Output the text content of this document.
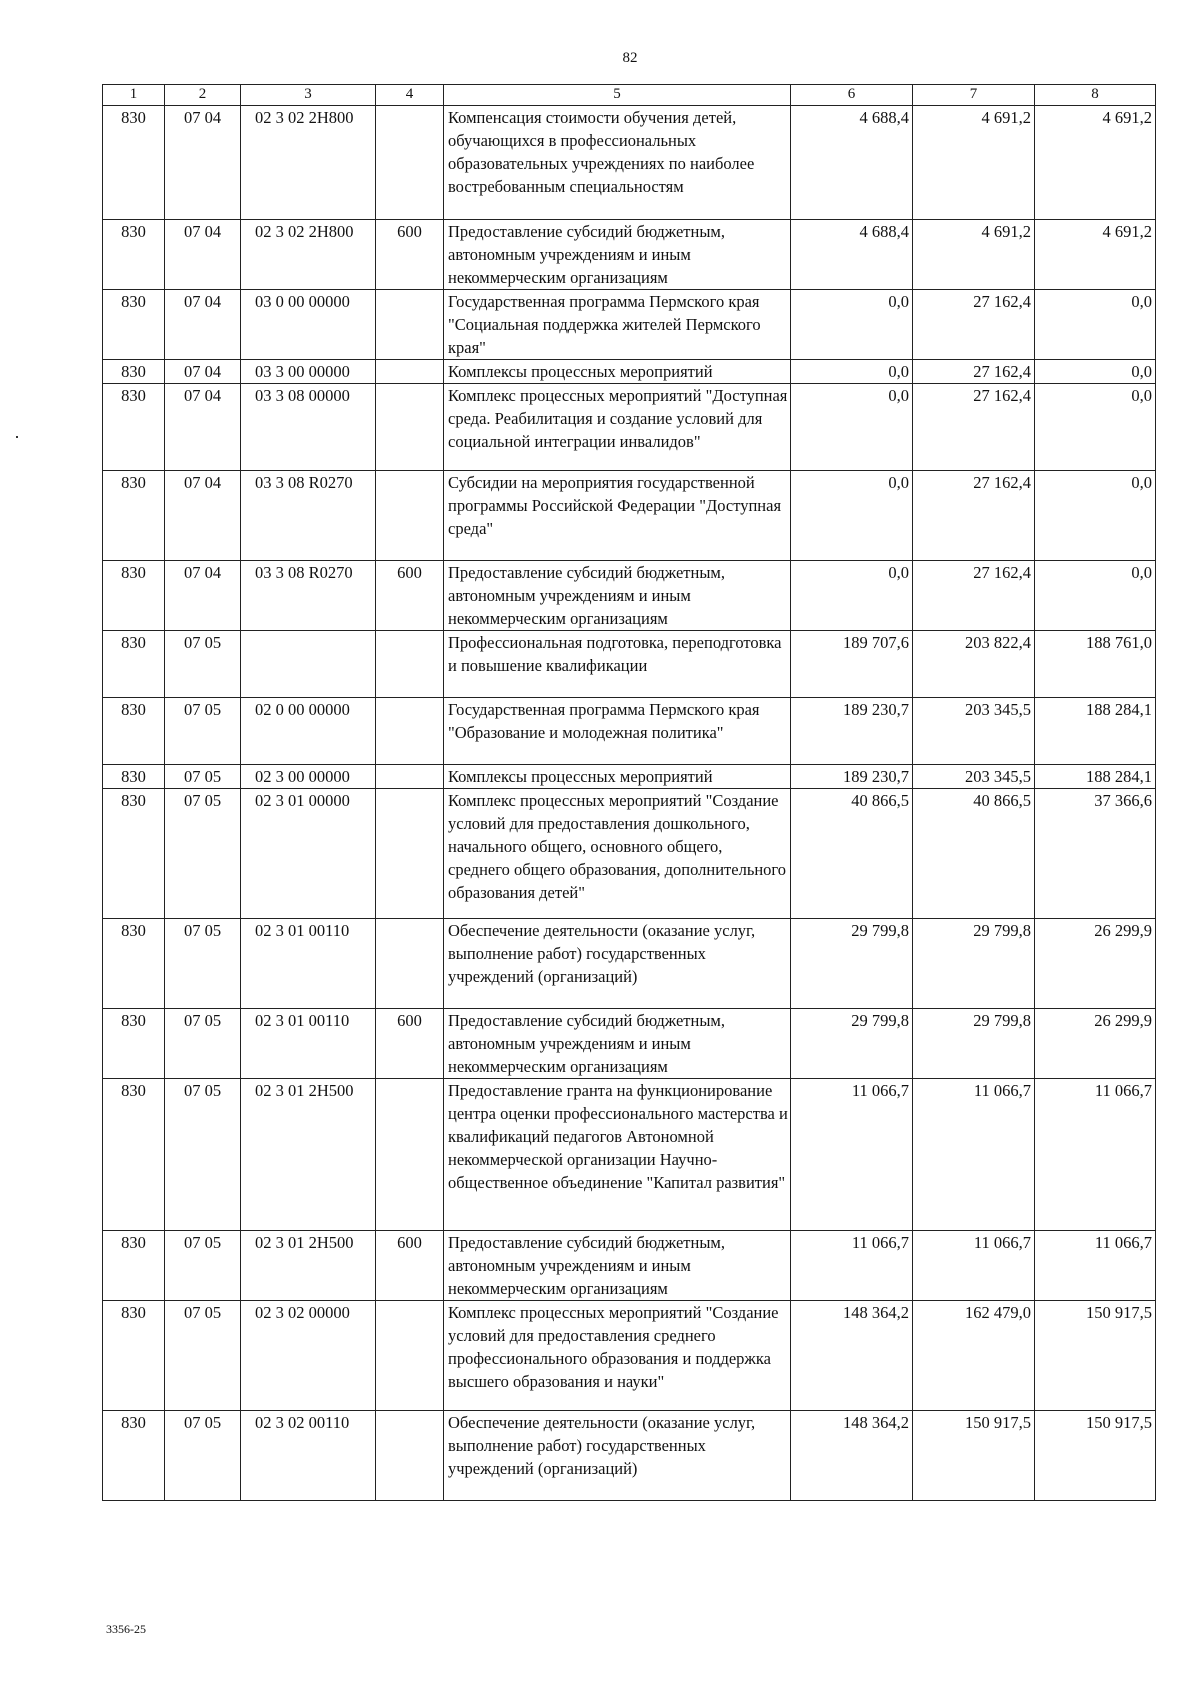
82
1	2	3	4	5	6	7	8
830	07 04	02 3 02 2Н800		Компенсация стоимости обучения детей, обучающихся в профессиональных образовательных учреждениях по наиболее востребованным специальностям	4 688,4	4 691,2	4 691,2
830	07 04	02 3 02 2Н800	600	Предоставление субсидий бюджетным, автономным учреждениям и иным некоммерческим организациям	4 688,4	4 691,2	4 691,2
830	07 04	03 0 00 00000		Государственная программа Пермского края "Социальная поддержка жителей Пермского края"	0,0	27 162,4	0,0
830	07 04	03 3 00 00000		Комплексы процессных мероприятий	0,0	27 162,4	0,0
830	07 04	03 3 08 00000		Комплекс процессных мероприятий "Доступная среда. Реабилитация и создание условий для социальной интеграции инвалидов"	0,0	27 162,4	0,0
830	07 04	03 3 08 R0270		Субсидии на мероприятия государственной программы Российской Федерации "Доступная среда"	0,0	27 162,4	0,0
830	07 04	03 3 08 R0270	600	Предоставление субсидий бюджетным, автономным учреждениям и иным некоммерческим организациям	0,0	27 162,4	0,0
830	07 05			Профессиональная подготовка, переподготовка и повышение квалификации	189 707,6	203 822,4	188 761,0
830	07 05	02 0 00 00000		Государственная программа Пермского края "Образование и молодежная политика"	189 230,7	203 345,5	188 284,1
830	07 05	02 3 00 00000		Комплексы процессных мероприятий	189 230,7	203 345,5	188 284,1
830	07 05	02 3 01 00000		Комплекс процессных мероприятий "Создание условий для предоставления дошкольного, начального общего, основного общего, среднего общего образования, дополнительного образования детей"	40 866,5	40 866,5	37 366,6
830	07 05	02 3 01 00110		Обеспечение деятельности (оказание услуг, выполнение работ) государственных учреждений (организаций)	29 799,8	29 799,8	26 299,9
830	07 05	02 3 01 00110	600	Предоставление субсидий бюджетным, автономным учреждениям и иным некоммерческим организациям	29 799,8	29 799,8	26 299,9
830	07 05	02 3 01 2Н500		Предоставление гранта на функционирование центра оценки профессионального мастерства и квалификаций педагогов Автономной некоммерческой организации Научно-общественное объединение "Капитал развития"	11 066,7	11 066,7	11 066,7
830	07 05	02 3 01 2Н500	600	Предоставление субсидий бюджетным, автономным учреждениям и иным некоммерческим организациям	11 066,7	11 066,7	11 066,7
830	07 05	02 3 02 00000		Комплекс процессных мероприятий "Создание условий для предоставления среднего профессионального образования и поддержка высшего образования и науки"	148 364,2	162 479,0	150 917,5
830	07 05	02 3 02 00110		Обеспечение деятельности (оказание услуг, выполнение работ) государственных учреждений (организаций)	148 364,2	150 917,5	150 917,5
3356-25
